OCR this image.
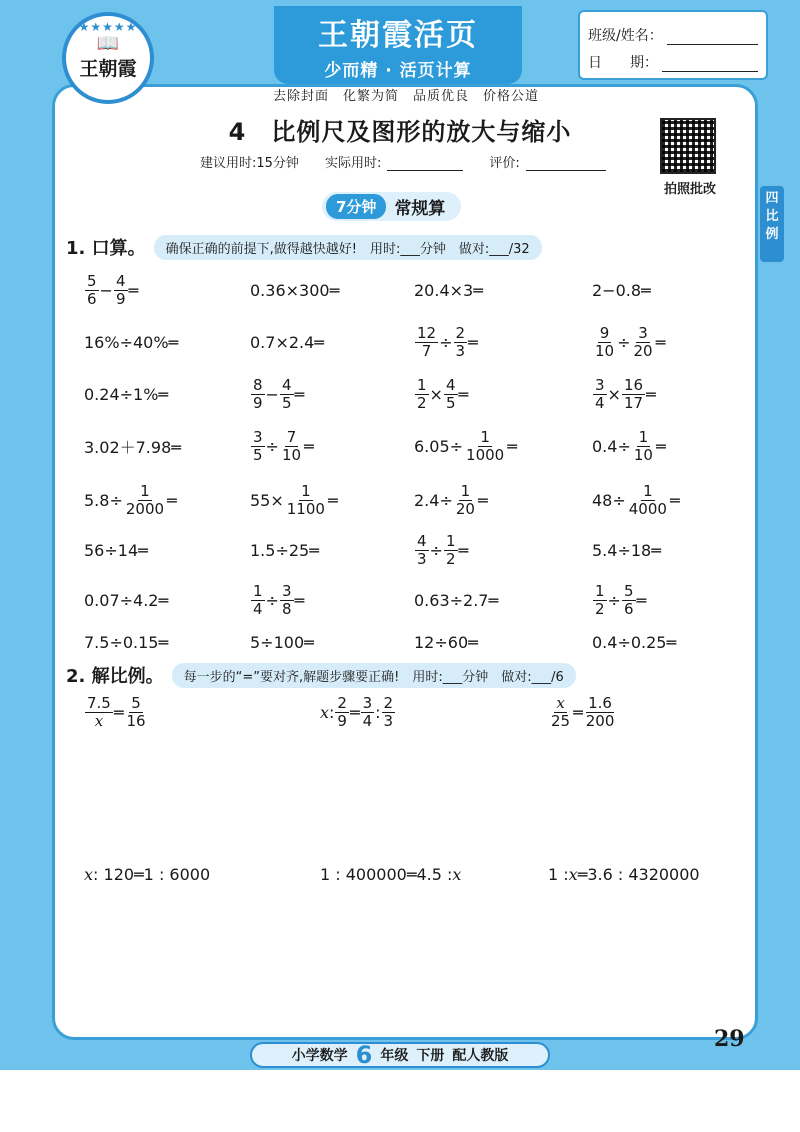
★★★★★
📖
王朝霞
王朝霞活页
少而精 · 活页计算
班级/姓名：
日　　期：
去除封面　化繁为简　品质优良　价格公道
4　比例尺及图形的放大与缩小
建议用时:15分钟 实际用时:	评价:
拍照批改
四 比 例
7分钟	常规算
1. 口算。	确保正确的前提下,做得越快越好!　用时:___分钟　做对:___/32
$\frac{5}{6} - \frac{4}{9}$ ═	0.36×300═	20.4×3═	2−0.8═
16%÷40%═	0.7×2.4═	$\frac{12}{7} \div \frac{2}{3}$ ═	$\frac{9}{10} \div \frac{3}{20}$ ═
0.24÷1%═	$\frac{8}{9} - \frac{4}{5}$ ═	$\frac{1}{2} \times \frac{4}{5}$ ═	$\frac{3}{4} \times \frac{16}{17}$ ═
3.02＋7.98═	$\frac{3}{5} \div \frac{7}{10}$ ═	$6.05\div \frac{1}{1000}$ ═	$0.4\div \frac{1}{10}$ ═
$5.8\div \frac{1}{2000}$ ═	$55\times \frac{1}{1100}$ ═	$2.4\div \frac{1}{20}$ ═	$48\div \frac{1}{4000}$ ═
56÷14═	1.5÷25═	$\frac{4}{3} \div \frac{1}{2}$ ═	5.4÷18═
0.07÷4.2═	$\frac{1}{4} \div \frac{3}{8}$ ═	0.63÷2.7═	$\frac{1}{2} \div \frac{5}{6}$ ═
7.5÷0.15═	5÷100═	12÷60═	0.4÷0.25═
2. 解比例。	每一步的“=”要对齐,解题步骤要正确!　用时:___分钟　做对:___/6
$\frac{7.5}{x}$ ═ $\frac{5}{16}$	x : $\frac{2}{9}$ ═ $\frac{3}{4}$ : $\frac{2}{3}$	$\frac{x}{25}$ ═ $\frac{1.6}{200}$
x : 120═1 : 6000	1 : 400000═4.5 : x	1 : x ═3.6 : 4320000
小学数学 6 年级 下册 配人教版
29
